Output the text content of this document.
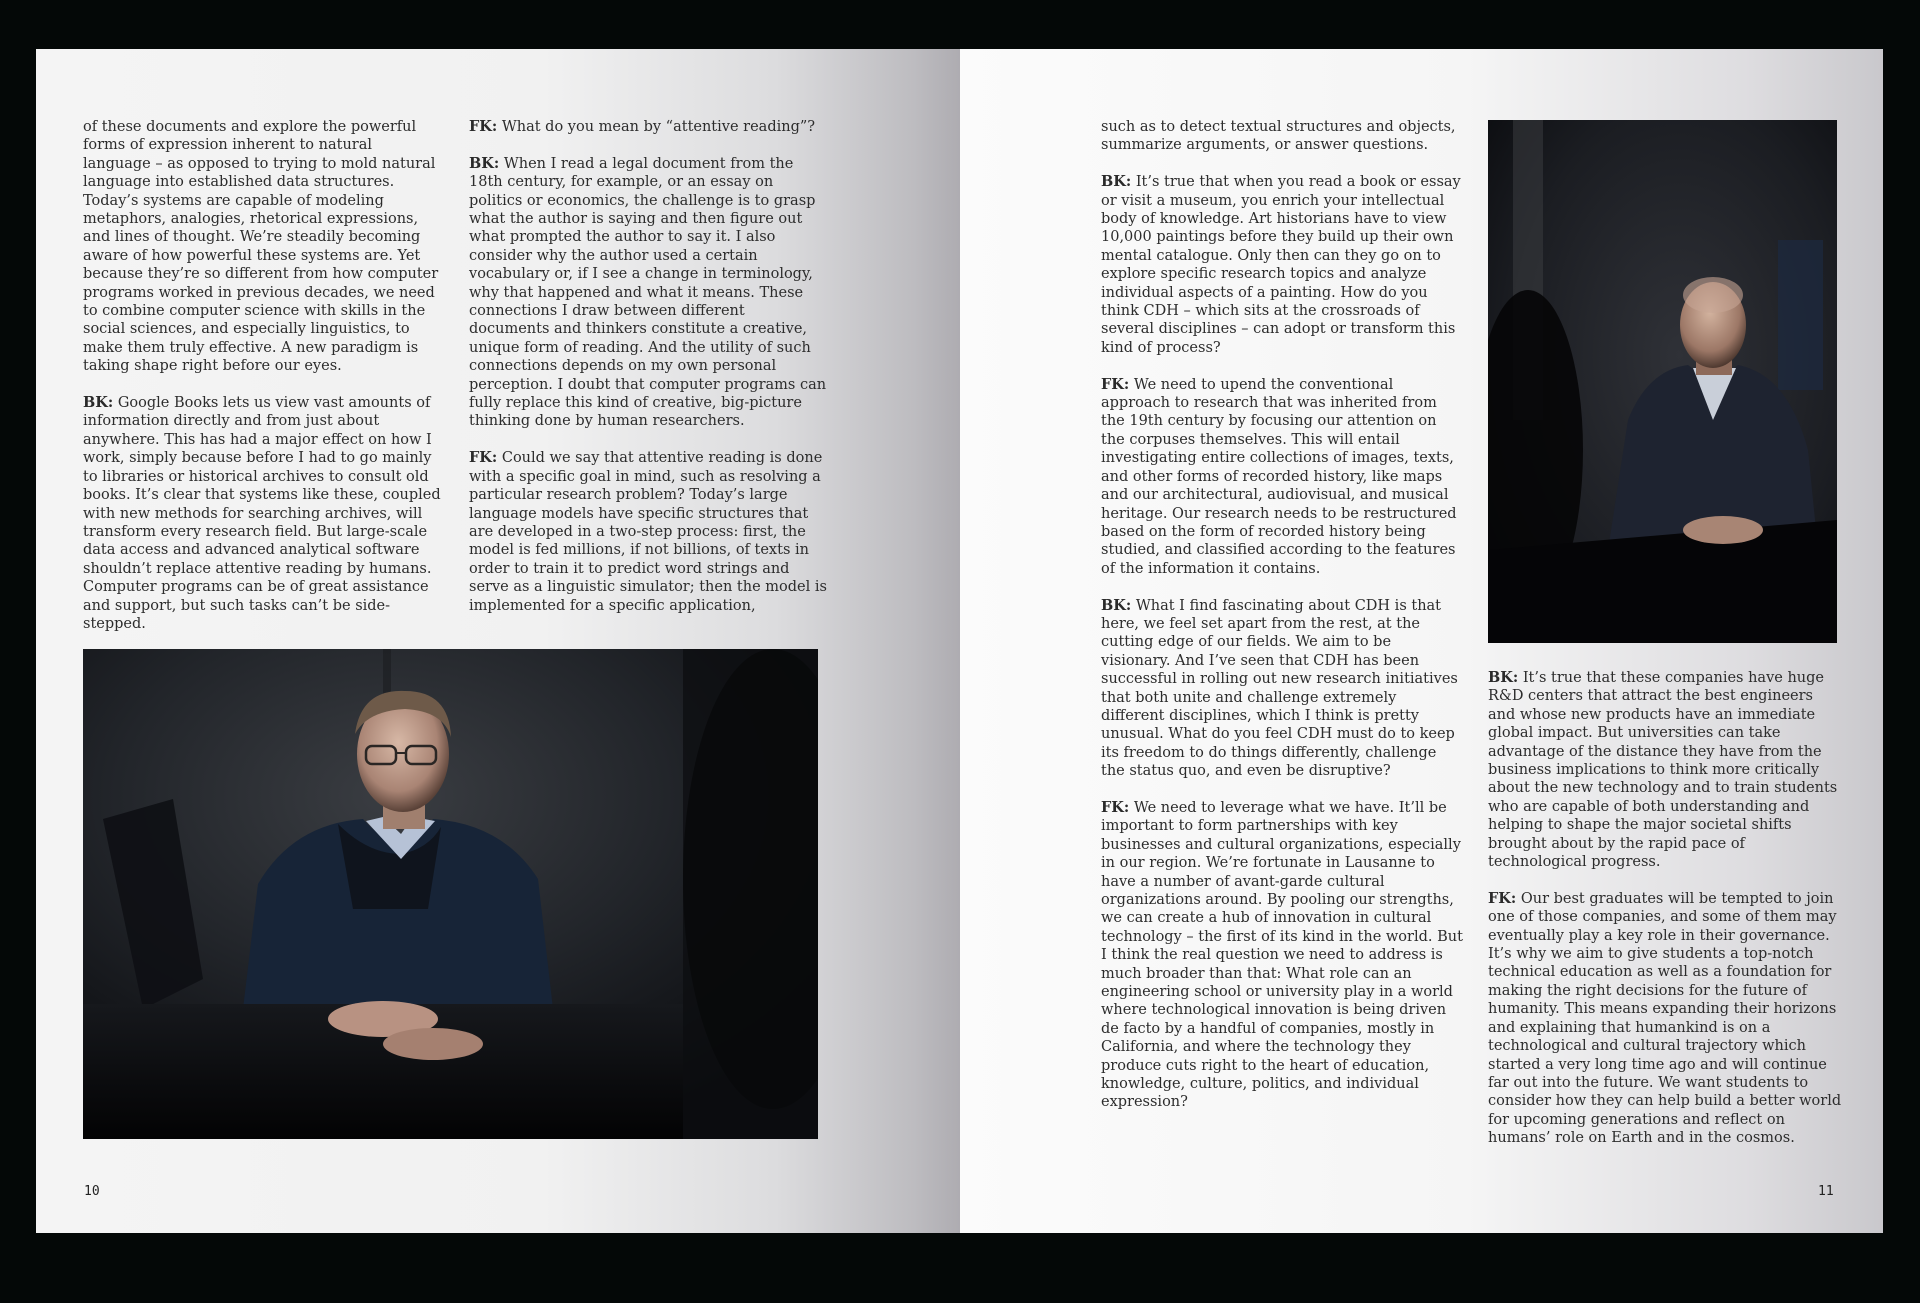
of these documents and explore the powerful forms of expression inherent to natural language – as opposed to trying to mold natural language into established data structures. Today’s systems are capable of modeling metaphors, analogies, rhetorical expressions, and lines of thought. We’re steadily becoming aware of how powerful these systems are. Yet because they’re so different from how computer programs worked in previous decades, we need to combine computer science with skills in the social sciences, and especially linguistics, to make them truly effective. A new paradigm is taking shape right before our eyes.

BK: Google Books lets us view vast amounts of information directly and from just about anywhere. This has had a major effect on how I work, simply because before I had to go mainly to libraries or historical archives to consult old books. It’s clear that systems like these, coupled with new methods for searching archives, will transform every research field. But large-scale data access and advanced analytical software shouldn’t replace attentive reading by humans. Computer programs can be of great assistance and support, but such tasks can’t be side-stepped.

FK: What do you mean by “attentive reading”?

BK: When I read a legal document from the 18th century, for example, or an essay on politics or economics, the challenge is to grasp what the author is saying and then figure out what prompted the author to say it. I also consider why the author used a certain vocabulary or, if I see a change in terminology, why that happened and what it means. These connections I draw between different documents and thinkers constitute a creative, unique form of reading. And the utility of such connections depends on my own personal perception. I doubt that computer programs can fully replace this kind of creative, big-picture thinking done by human researchers.

FK: Could we say that attentive reading is done with a specific goal in mind, such as resolving a particular research problem? Today’s large language models have specific structures that are developed in a two-step process: first, the model is fed millions, if not billions, of texts in order to train it to predict word strings and serve as a linguistic simulator; then the model is implemented for a specific application,

10

such as to detect textual structures and objects, summarize arguments, or answer questions.

BK: It’s true that when you read a book or essay or visit a museum, you enrich your intellectual body of knowledge. Art historians have to view 10,000 paintings before they build up their own mental catalogue. Only then can they go on to explore specific research topics and analyze individual aspects of a painting. How do you think CDH – which sits at the crossroads of several disciplines – can adopt or transform this kind of process?

FK: We need to upend the conventional approach to research that was inherited from the 19th century by focusing our attention on the corpuses themselves. This will entail investigating entire collections of images, texts, and other forms of recorded history, like maps and our architectural, audiovisual, and musical heritage. Our research needs to be restructured based on the form of recorded history being studied, and classified according to the features of the information it contains.

BK: What I find fascinating about CDH is that here, we feel set apart from the rest, at the cutting edge of our fields. We aim to be visionary. And I’ve seen that CDH has been successful in rolling out new research initiatives that both unite and challenge extremely different disciplines, which I think is pretty unusual. What do you feel CDH must do to keep its freedom to do things differently, challenge the status quo, and even be disruptive?

FK: We need to leverage what we have. It’ll be important to form partnerships with key businesses and cultural organizations, especially in our region. We’re fortunate in Lausanne to have a number of avant-garde cultural organizations around. By pooling our strengths, we can create a hub of innovation in cultural technology – the first of its kind in the world. But I think the real question we need to address is much broader than that: What role can an engineering school or university play in a world where technological innovation is being driven de facto by a handful of companies, mostly in California, and where the technology they produce cuts right to the heart of education, knowledge, culture, politics, and individual expression?

BK: It’s true that these companies have huge R&D centers that attract the best engineers and whose new products have an immediate global impact. But universities can take advantage of the distance they have from the business implications to think more critically about the new technology and to train students who are capable of both understanding and helping to shape the major societal shifts brought about by the rapid pace of technological progress.

FK: Our best graduates will be tempted to join one of those companies, and some of them may eventually play a key role in their governance. It’s why we aim to give students a top-notch technical education as well as a foundation for making the right decisions for the future of humanity. This means expanding their horizons and explaining that humankind is on a technological and cultural trajectory which started a very long time ago and will continue far out into the future. We want students to consider how they can help build a better world for upcoming generations and reflect on humans’ role on Earth and in the cosmos.

11
